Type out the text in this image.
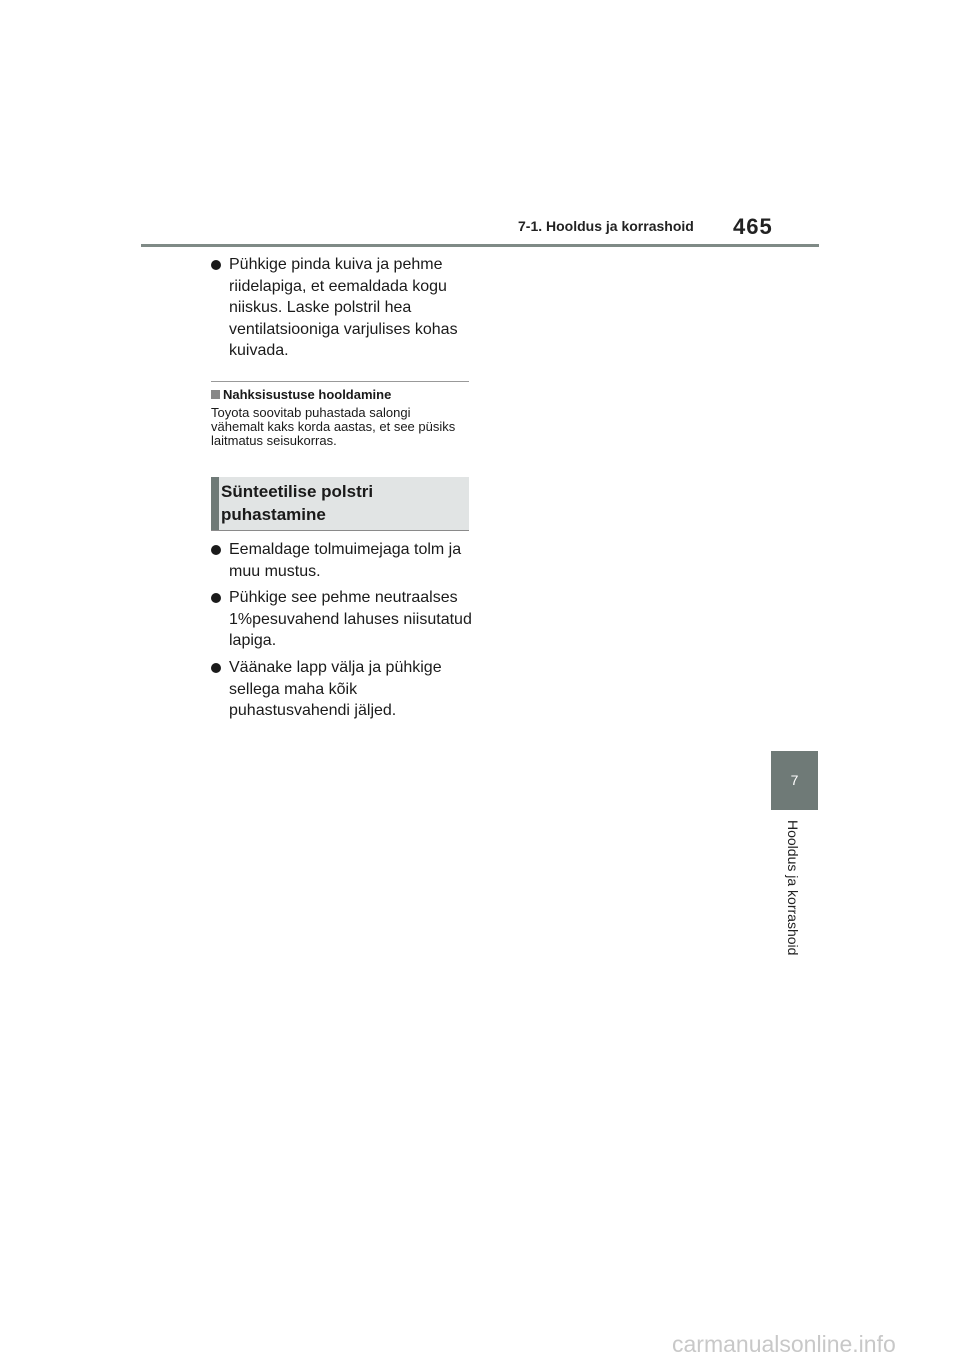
7-1. Hooldus ja korrashoid 465
Pühkige pinda kuiva ja pehme riidelapiga, et eemaldada kogu niiskus. Laske polstril hea ventilatsiooniga varjulises kohas kuivada.
Nahksisustuse hooldamine
Toyota soovitab puhastada salongi vähemalt kaks korda aastas, et see püsiks laitmatus seisukorras.
Sünteetilise polstri puhastamine
Eemaldage tolmuimejaga tolm ja muu mustus.
Pühkige see pehme neutraalses 1%pesuvahend lahuses niisutatud lapiga.
Väänake lapp välja ja pühkige sellega maha kõik puhastusvahendi jäljed.
7
Hooldus ja korrashoid
carmanualsonline.info
